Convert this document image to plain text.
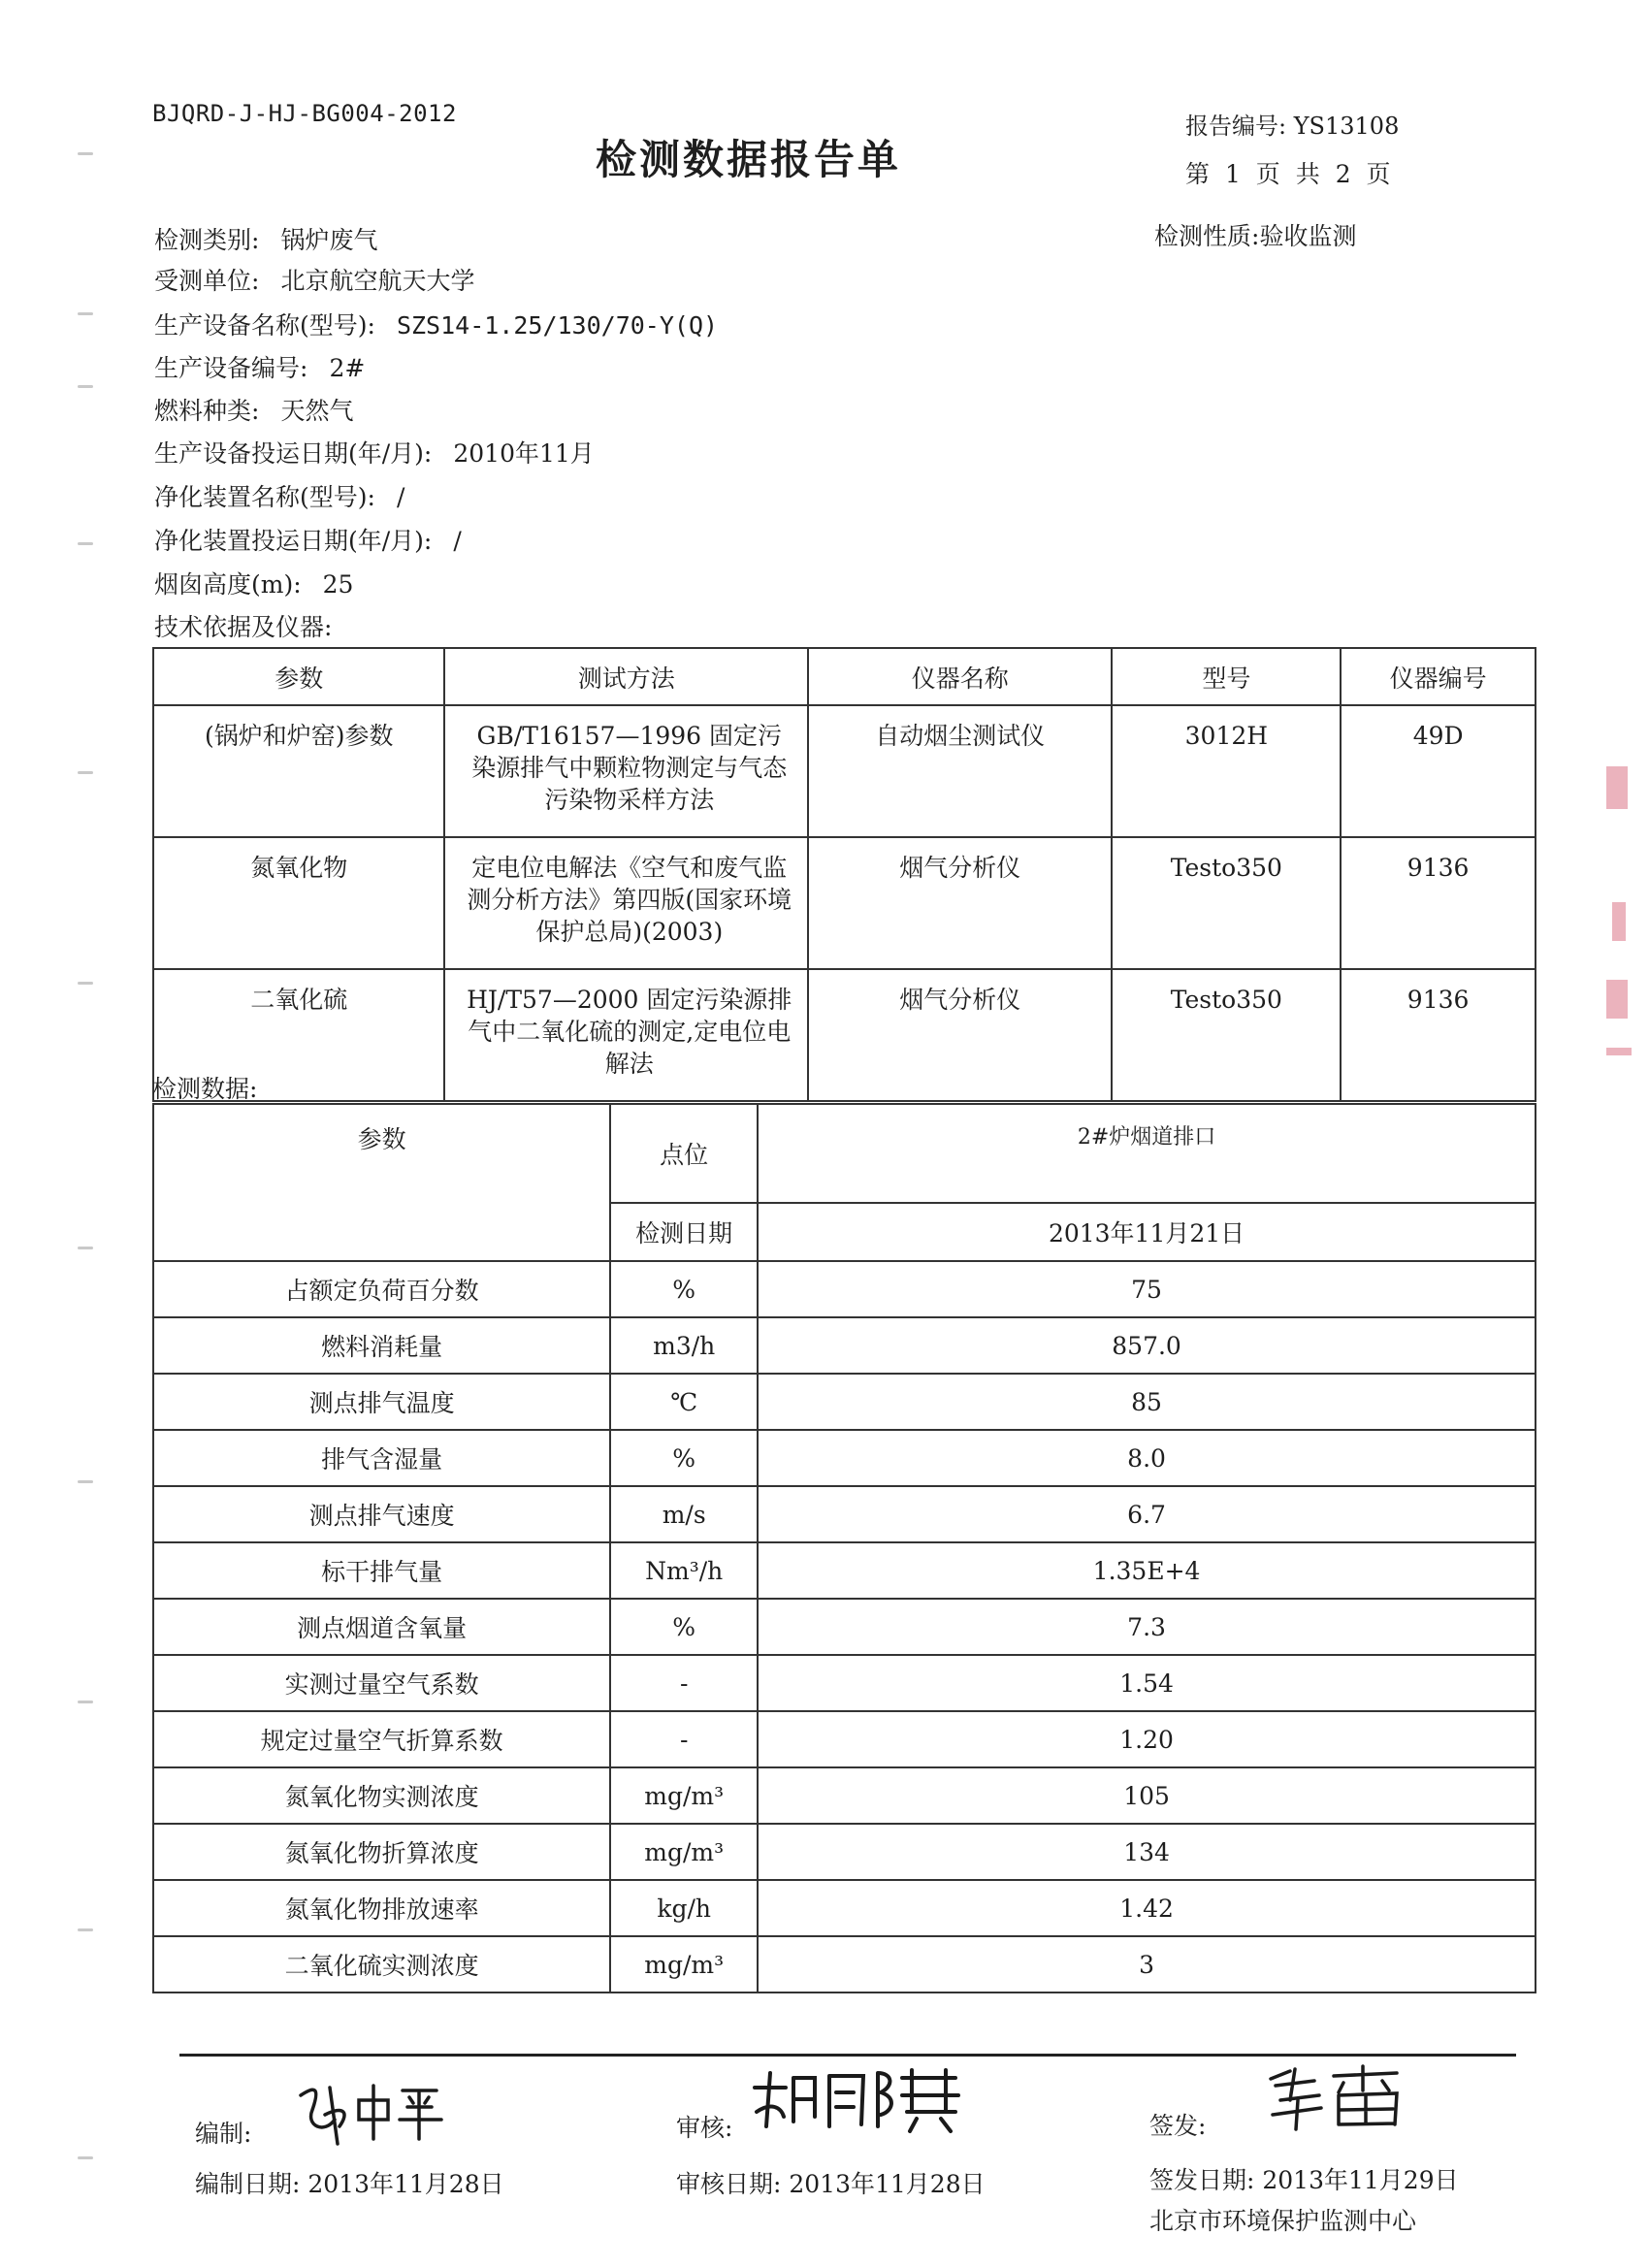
BJQRD-J-HJ-BG004-2012
检测数据报告单
报告编号: YS13108
第 1 页 共 2 页
检测性质:验收监测
检测类别: 锅炉废气
受测单位: 北京航空航天大学
生产设备名称(型号): SZS14-1.25/130/70-Y(Q)
生产设备编号: 2#
燃料种类: 天然气
生产设备投运日期(年/月): 2010年11月
净化装置名称(型号): /
净化装置投运日期(年/月): /
烟囱高度(m): 25
技术依据及仪器:
参数	测试方法	仪器名称	型号	仪器编号
(锅炉和炉窑)参数	GB/T16157—1996 固定污染源排气中颗粒物测定与气态污染物采样方法	自动烟尘测试仪	3012H	49D
氮氧化物	定电位电解法《空气和废气监测分析方法》第四版(国家环境保护总局)(2003)	烟气分析仪	Testo350	9136
二氧化硫	HJ/T57—2000 固定污染源排气中二氧化硫的测定,定电位电解法	烟气分析仪	Testo350	9136
检测数据:
参数	点位	2#炉烟道排口
	检测日期	2013年11月21日
占额定负荷百分数	%	75
燃料消耗量	m3/h	857.0
测点排气温度	℃	85
排气含湿量	%	8.0
测点排气速度	m/s	6.7
标干排气量	Nm³/h	1.35E+4
测点烟道含氧量	%	7.3
实测过量空气系数	-	1.54
规定过量空气折算系数	-	1.20
氮氧化物实测浓度	mg/m³	105
氮氧化物折算浓度	mg/m³	134
氮氧化物排放速率	kg/h	1.42
二氧化硫实测浓度	mg/m³	3
编制:	审核:	签发:
编制日期: 2013年11月28日	审核日期: 2013年11月28日	签发日期: 2013年11月29日
北京市环境保护监测中心
